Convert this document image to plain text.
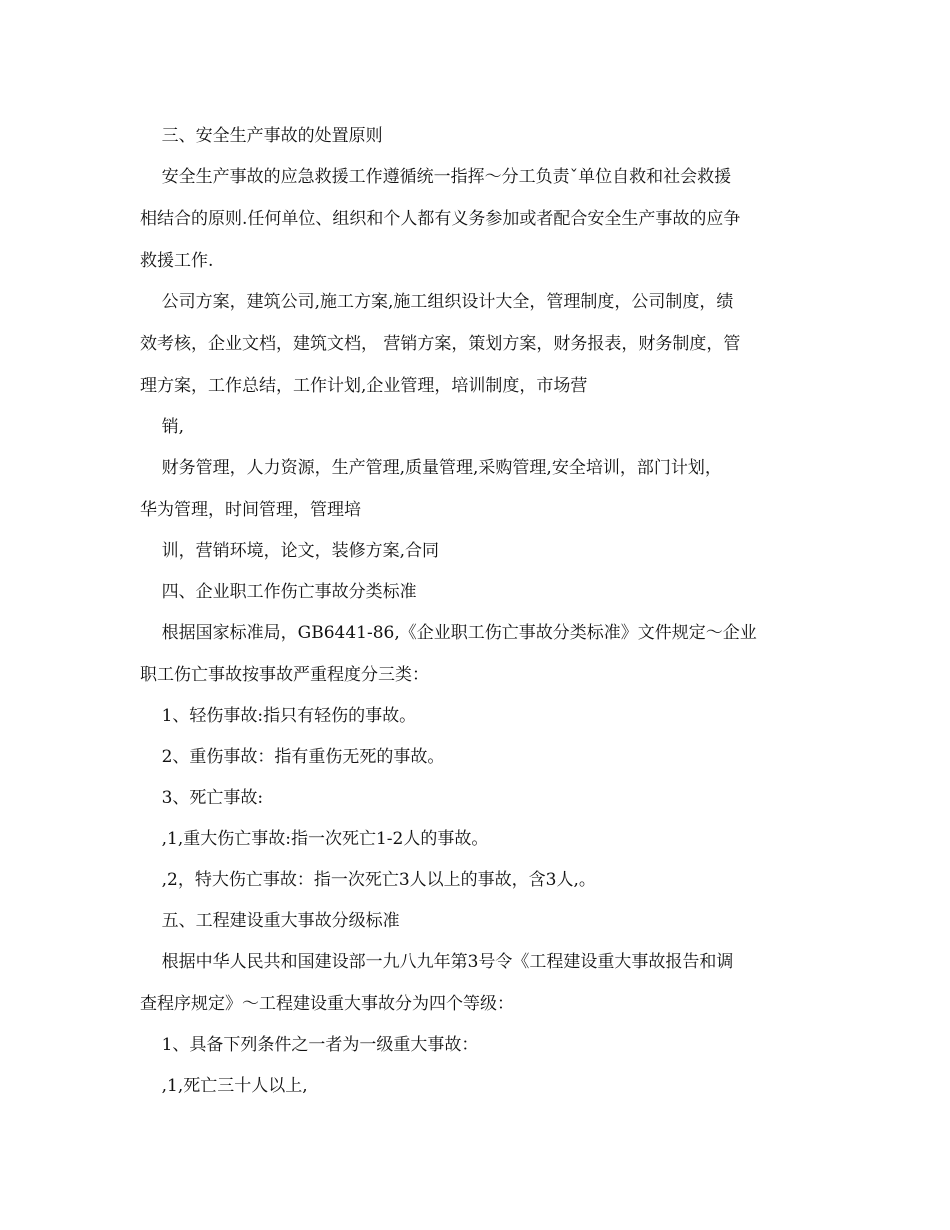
三、安全生产事故的处置原则

安全生产事故的应急救援工作遵循统一指挥～分工负责ˇ单位自救和社会救援

相结合的原则.任何单位、组织和个人都有义务参加或者配合安全生产事故的应争

救援工作.

公司方案，建筑公司,施工方案,施工组织设计大全，管理制度，公司制度，绩

效考核，企业文档，建筑文档， 营销方案，策划方案，财务报表，财务制度，管

理方案，工作总结，工作计划,企业管理，培训制度，市场营

销,

财务管理，人力资源，生产管理,质量管理,采购管理,安全培训，部门计划，

华为管理，时间管理，管理培

训，营销环境，论文，装修方案,合同

四、企业职工作伤亡事故分类标准

根据国家标准局，GB6441-86,《企业职工伤亡事故分类标准》文件规定～企业

职工伤亡事故按事故严重程度分三类：

1、轻伤事故:指只有轻伤的事故。

2、重伤事故：指有重伤无死的事故。

3、死亡事故:

,1,重大伤亡事故:指一次死亡1-2人的事故。

,2，特大伤亡事故：指一次死亡3人以上的事故，含3人,。

五、工程建设重大事故分级标准

根据中华人民共和国建设部一九八九年第3号令《工程建设重大事故报告和调

查程序规定》～工程建设重大事故分为四个等级：

1、具备下列条件之一者为一级重大事故：

,1,死亡三十人以上,
